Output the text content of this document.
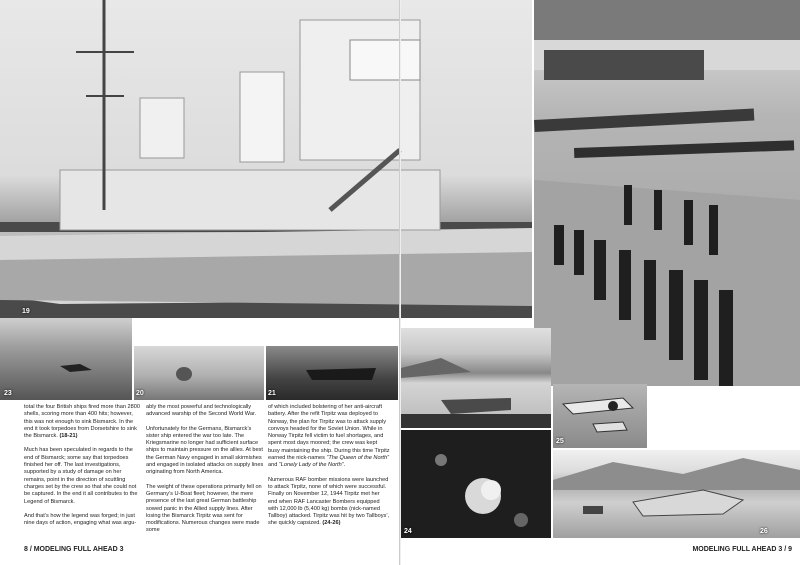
19
23	20	21
24
25
26

total the four British ships fired more than 2800 shells, scoring more than 400 hits; however, this was not enough to sink Bismarck. In the end it took torpedoes from Dorsetshire to sink the Bismarck. (18-21)

Much has been speculated in regards to the end of Bismarck; some say that torpedoes finished her off. The last investigations, supported by a study of damage on her remains, point in the direction of scuttling charges set by the crew so that she could not be captured. In the end it all contributes to the Legend of Bismarck.

And that’s how the legend was forged; in just nine days of action, engaging what was argu-

ably the most powerful and technologically advanced warship of the Second World War.

Unfortunately for the Germans, Bismarck’s sister ship entered the war too late. The Kriegsmarine no longer had sufficient surface ships to maintain pressure on the allies. At best the German Navy engaged in small skirmishes and engaged in isolated attacks on supply lines originating from North America.

The weight of these operations primarily fell on Germany’s U-Boat fleet; however, the mere presence of the last great German battleship sowed panic in the Allied supply lines. After losing the Bismarck Tirpitz was sent for modifications. Numerous changes were made some

of which included bolstering of her anti-aircraft battery. After the refit Tirpitz was deployed to Norway, the plan for Tirpitz was to attack supply convoys headed for the Soviet Union. While in Norway Tirpitz fell victim to fuel shortages, and spent most days moored; the crew was kept busy maintaining the ship. During this time Tirpitz earned the nick-names “The Queen of the North” and “Lonely Lady of the North”.

Numerous RAF bomber missions were launched to attack Tirpitz, none of which were successful. Finally on November 12, 1944 Tirpitz met her end when RAF Lancaster Bombers equipped with 12,000 lb (5,400 kg) bombs (nick-named Tallboy) attacked. Tirpitz was hit by two Tallboys’, she quickly capsized. (24-26)

8 / MODELING FULL AHEAD 3	MODELING FULL AHEAD 3 / 9
